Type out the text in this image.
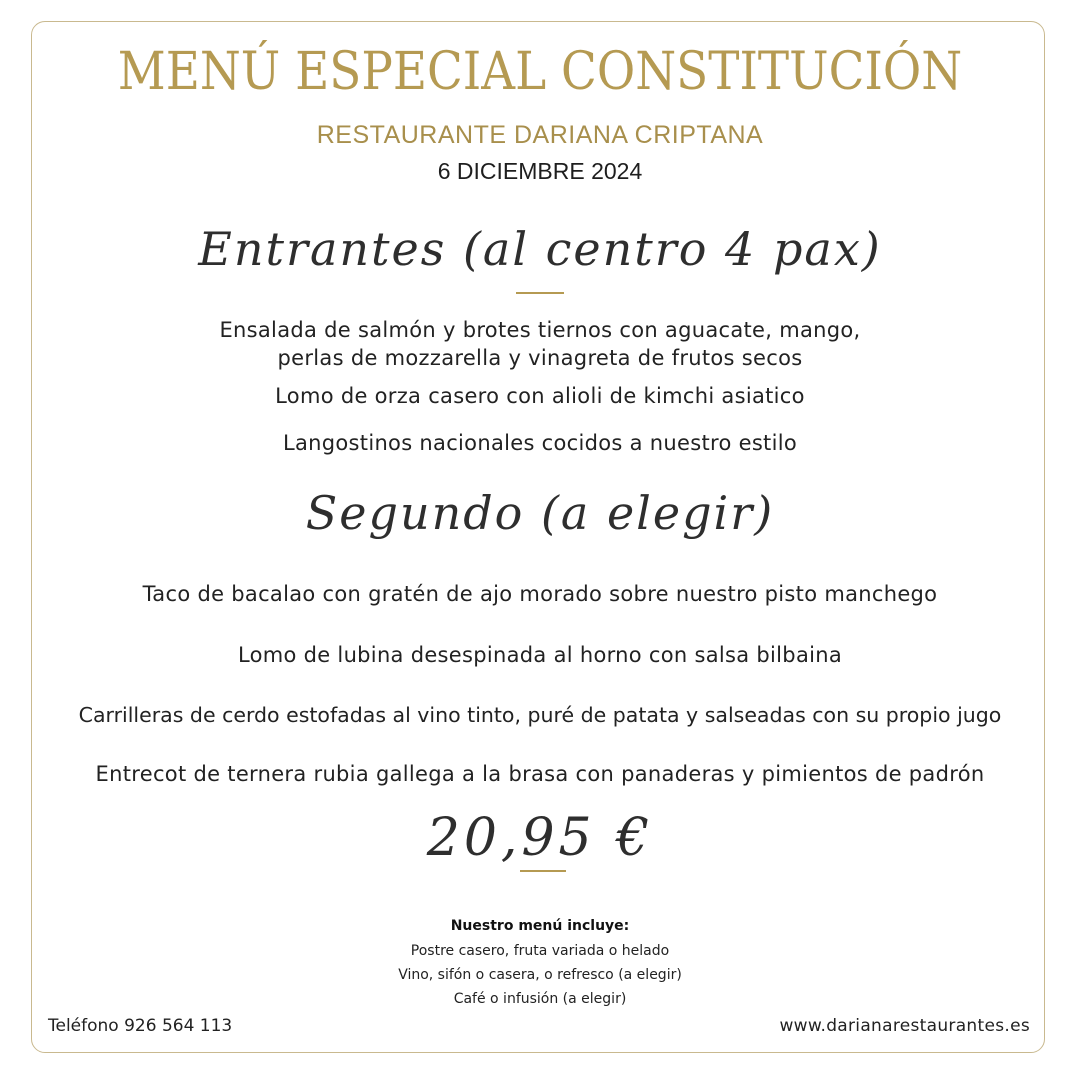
MENÚ ESPECIAL CONSTITUCIÓN
RESTAURANTE DARIANA CRIPTANA
6 DICIEMBRE 2024
Entrantes (al centro 4 pax)
Ensalada de salmón y brotes tiernos con aguacate, mango,
perlas de mozzarella y vinagreta de frutos secos
Lomo de orza casero con alioli de kimchi asiatico
Langostinos nacionales cocidos a nuestro estilo
Segundo (a elegir)
Taco de bacalao con gratén de ajo morado sobre nuestro pisto manchego
Lomo de lubina desespinada al horno con salsa bilbaina
Carrilleras de cerdo estofadas al vino tinto, puré de patata y salseadas con su propio jugo
Entrecot de ternera rubia gallega a la brasa con panaderas y pimientos de padrón
20,95 €
Nuestro menú incluye:
Postre casero, fruta variada o helado
Vino, sifón o casera, o refresco (a elegir)
Café o infusión (a elegir)
Teléfono 926 564 113	www.darianarestaurantes.es
